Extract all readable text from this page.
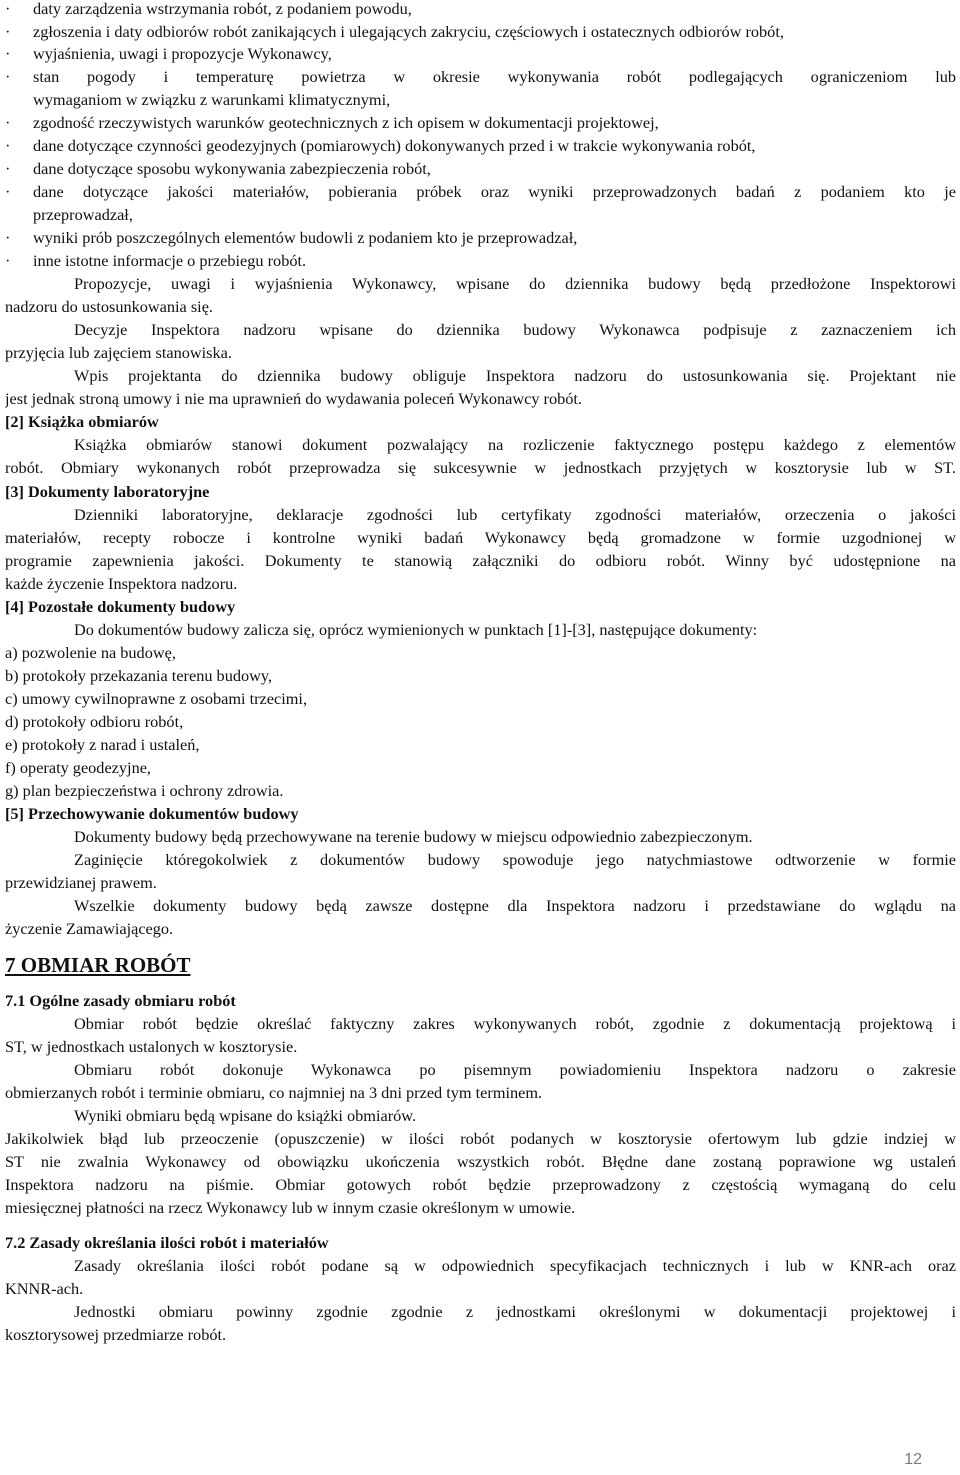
· daty zarządzenia wstrzymania robót, z podaniem powodu,
· zgłoszenia i daty odbiorów robót zanikających i ulegających zakryciu, częściowych i ostatecznych odbiorów robót,
· wyjaśnienia, uwagi i propozycje Wykonawcy,
· stan pogody i temperaturę powietrza w okresie wykonywania robót podlegających ograniczeniom lub
wymaganiom w związku z warunkami klimatycznymi,
· zgodność rzeczywistych warunków geotechnicznych z ich opisem w dokumentacji projektowej,
· dane dotyczące czynności geodezyjnych (pomiarowych) dokonywanych przed i w trakcie wykonywania robót,
· dane dotyczące sposobu wykonywania zabezpieczenia robót,
· dane dotyczące jakości materiałów, pobierania próbek oraz wyniki przeprowadzonych badań z podaniem kto je
przeprowadzał,
· wyniki prób poszczególnych elementów budowli z podaniem kto je przeprowadzał,
· inne istotne informacje o przebiegu robót.
Propozycje, uwagi i wyjaśnienia Wykonawcy, wpisane do dziennika budowy będą przedłożone Inspektorowi
nadzoru do ustosunkowania się.
Decyzje Inspektora nadzoru wpisane do dziennika budowy Wykonawca podpisuje z zaznaczeniem ich
przyjęcia lub zajęciem stanowiska.
Wpis projektanta do dziennika budowy obliguje Inspektora nadzoru do ustosunkowania się. Projektant nie
jest jednak stroną umowy i nie ma uprawnień do wydawania poleceń Wykonawcy robót.
[2] Książka obmiarów
Książka obmiarów stanowi dokument pozwalający na rozliczenie faktycznego postępu każdego z elementów
robót. Obmiary wykonanych robót przeprowadza się sukcesywnie w jednostkach przyjętych w kosztorysie lub w ST.
[3] Dokumenty laboratoryjne
Dzienniki laboratoryjne, deklaracje zgodności lub certyfikaty zgodności materiałów, orzeczenia o jakości
materiałów, recepty robocze i kontrolne wyniki badań Wykonawcy będą gromadzone w formie uzgodnionej w
programie zapewnienia jakości. Dokumenty te stanowią załączniki do odbioru robót. Winny być udostępnione na
każde życzenie Inspektora nadzoru.
[4] Pozostałe dokumenty budowy
Do dokumentów budowy zalicza się, oprócz wymienionych w punktach [1]-[3], następujące dokumenty:
a) pozwolenie na budowę,
b) protokoły przekazania terenu budowy,
c) umowy cywilnoprawne z osobami trzecimi,
d) protokoły odbioru robót,
e) protokoły z narad i ustaleń,
f) operaty geodezyjne,
g) plan bezpieczeństwa i ochrony zdrowia.
[5] Przechowywanie dokumentów budowy
Dokumenty budowy będą przechowywane na terenie budowy w miejscu odpowiednio zabezpieczonym.
Zaginięcie któregokolwiek z dokumentów budowy spowoduje jego natychmiastowe odtworzenie w formie
przewidzianej prawem.
Wszelkie dokumenty budowy będą zawsze dostępne dla Inspektora nadzoru i przedstawiane do wglądu na
życzenie Zamawiającego.
7 OBMIAR ROBÓT
7.1 Ogólne zasady obmiaru robót
Obmiar robót będzie określać faktyczny zakres wykonywanych robót, zgodnie z dokumentacją projektową i
ST, w jednostkach ustalonych w kosztorysie.
Obmiaru robót dokonuje Wykonawca po pisemnym powiadomieniu Inspektora nadzoru o zakresie
obmierzanych robót i terminie obmiaru, co najmniej na 3 dni przed tym terminem.
Wyniki obmiaru będą wpisane do książki obmiarów.
Jakikolwiek błąd lub przeoczenie (opuszczenie) w ilości robót podanych w kosztorysie ofertowym lub gdzie indziej w
ST nie zwalnia Wykonawcy od obowiązku ukończenia wszystkich robót. Błędne dane zostaną poprawione wg ustaleń
Inspektora nadzoru na piśmie. Obmiar gotowych robót będzie przeprowadzony z częstością wymaganą do celu
miesięcznej płatności na rzecz Wykonawcy lub w innym czasie określonym w umowie.
7.2 Zasady określania ilości robót i materiałów
Zasady określania ilości robót podane są w odpowiednich specyfikacjach technicznych i lub w KNR-ach oraz
KNNR-ach.
Jednostki obmiaru powinny zgodnie zgodnie z jednostkami określonymi w dokumentacji projektowej i
kosztorysowej przedmiarze robót.
12
